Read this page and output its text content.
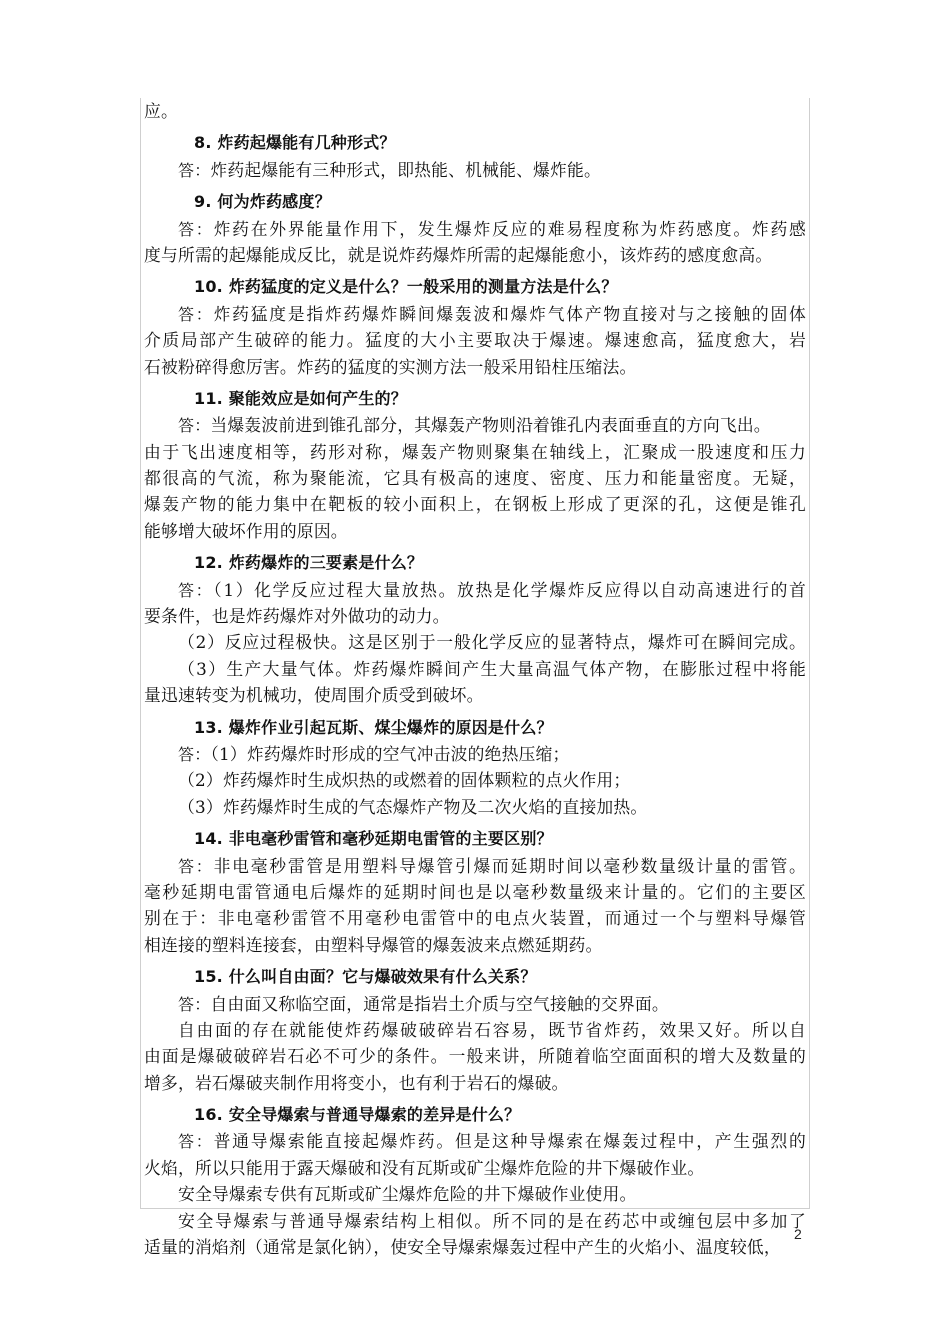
应。
8. 炸药起爆能有几种形式？
答：炸药起爆能有三种形式，即热能、机械能、爆炸能。
9. 何为炸药感度？
答：炸药在外界能量作用下，发生爆炸反应的难易程度称为炸药感度。炸药感
度与所需的起爆能成反比，就是说炸药爆炸所需的起爆能愈小，该炸药的感度愈高。
10. 炸药猛度的定义是什么？一般采用的测量方法是什么？
答：炸药猛度是指炸药爆炸瞬间爆轰波和爆炸气体产物直接对与之接触的固体
介质局部产生破碎的能力。猛度的大小主要取决于爆速。爆速愈高，猛度愈大，岩
石被粉碎得愈厉害。炸药的猛度的实测方法一般采用铅柱压缩法。
11. 聚能效应是如何产生的？
答：当爆轰波前进到锥孔部分，其爆轰产物则沿着锥孔内表面垂直的方向飞出。
由于飞出速度相等，药形对称，爆轰产物则聚集在轴线上，汇聚成一股速度和压力
都很高的气流，称为聚能流，它具有极高的速度、密度、压力和能量密度。无疑，
爆轰产物的能力集中在靶板的较小面积上，在钢板上形成了更深的孔，这便是锥孔
能够增大破坏作用的原因。
12. 炸药爆炸的三要素是什么？
答：（1）化学反应过程大量放热。放热是化学爆炸反应得以自动高速进行的首
要条件，也是炸药爆炸对外做功的动力。
（2）反应过程极快。这是区别于一般化学反应的显著特点，爆炸可在瞬间完成。
（3）生产大量气体。炸药爆炸瞬间产生大量高温气体产物，在膨胀过程中将能
量迅速转变为机械功，使周围介质受到破坏。
13. 爆炸作业引起瓦斯、煤尘爆炸的原因是什么？
答：（1）炸药爆炸时形成的空气冲击波的绝热压缩；
（2）炸药爆炸时生成炽热的或燃着的固体颗粒的点火作用；
（3）炸药爆炸时生成的气态爆炸产物及二次火焰的直接加热。
14. 非电毫秒雷管和毫秒延期电雷管的主要区别？
答：非电毫秒雷管是用塑料导爆管引爆而延期时间以毫秒数量级计量的雷管。
毫秒延期电雷管通电后爆炸的延期时间也是以毫秒数量级来计量的。它们的主要区
别在于：非电毫秒雷管不用毫秒电雷管中的电点火装置，而通过一个与塑料导爆管
相连接的塑料连接套，由塑料导爆管的爆轰波来点燃延期药。
15. 什么叫自由面？它与爆破效果有什么关系？
答：自由面又称临空面，通常是指岩土介质与空气接触的交界面。
自由面的存在就能使炸药爆破破碎岩石容易，既节省炸药，效果又好。所以自
由面是爆破破碎岩石必不可少的条件。一般来讲，所随着临空面面积的增大及数量的
增多，岩石爆破夹制作用将变小，也有利于岩石的爆破。
16. 安全导爆索与普通导爆索的差异是什么？
答：普通导爆索能直接起爆炸药。但是这种导爆索在爆轰过程中，产生强烈的
火焰，所以只能用于露天爆破和没有瓦斯或矿尘爆炸危险的井下爆破作业。
安全导爆索专供有瓦斯或矿尘爆炸危险的井下爆破作业使用。
安全导爆索与普通导爆索结构上相似。所不同的是在药芯中或缠包层中多加了
适量的消焰剂（通常是氯化钠），使安全导爆索爆轰过程中产生的火焰小、温度较低，
2
